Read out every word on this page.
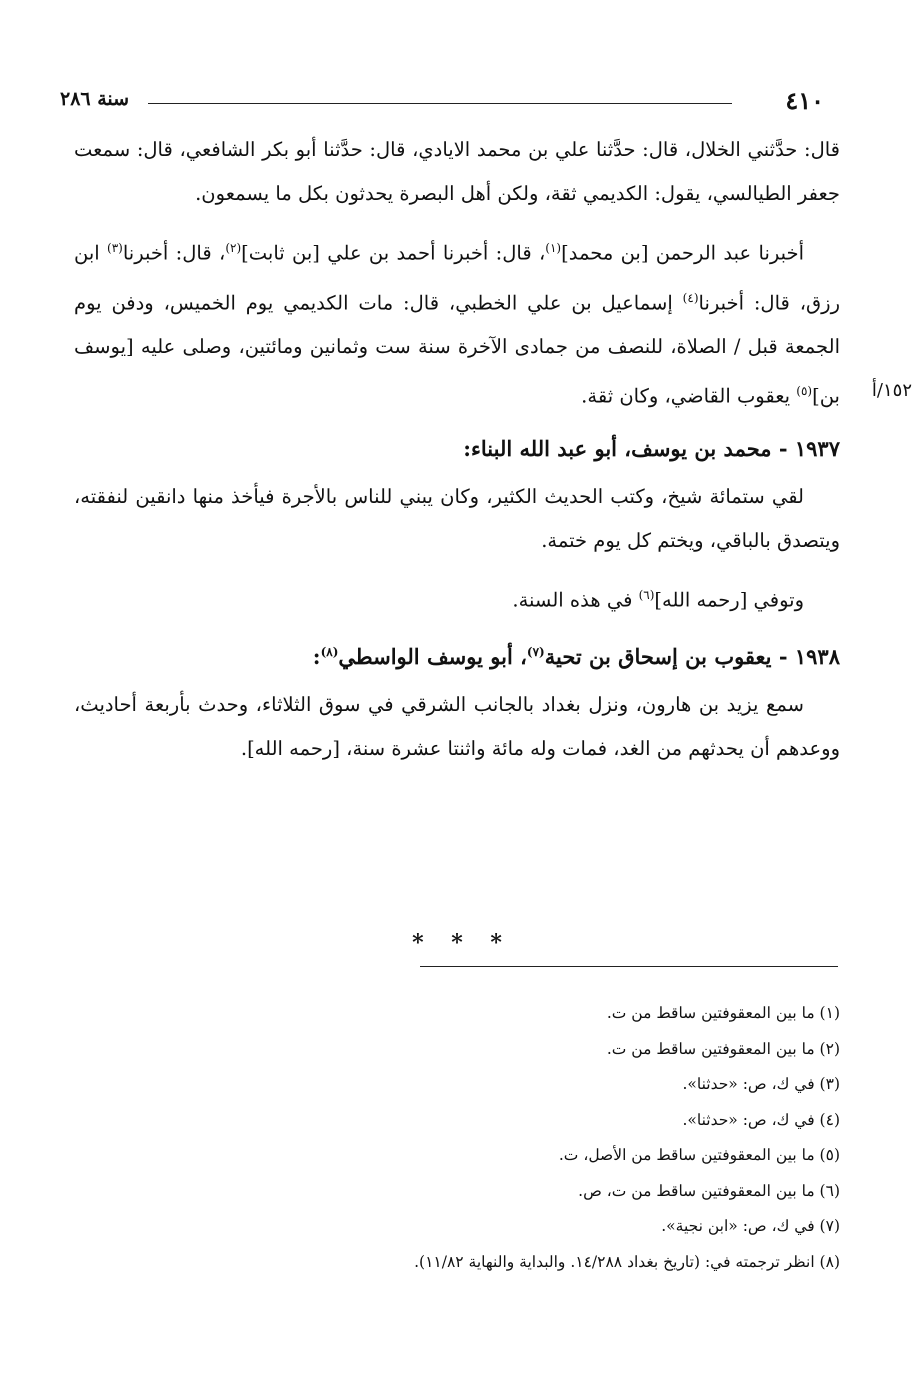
٤١٠
سنة ٢٨٦
١٥٢/أ

قال: حدَّثني الخلال، قال: حدَّثنا علي بن محمد الايادي، قال: حدَّثنا أبو بكر الشافعي، قال: سمعت جعفر الطيالسي، يقول: الكديمي ثقة، ولكن أهل البصرة يحدثون بكل ما يسمعون.

أخبرنا عبد الرحمن [بن محمد]$^{(١)}$، قال: أخبرنا أحمد بن علي [بن ثابت]$^{(٢)}$، قال: أخبرنا$^{(٣)}$ ابن رزق، قال: أخبرنا$^{(٤)}$ إسماعيل بن علي الخطبي، قال: مات الكديمي يوم الخميس، ودفن يوم الجمعة قبل / الصلاة، للنصف من جمادى الآخرة سنة ست وثمانين ومائتين، وصلى عليه [يوسف بن]$^{(٥)}$ يعقوب القاضي، وكان ثقة.

١٩٣٧ - محمد بن يوسف، أبو عبد الله البناء:

لقي ستمائة شيخ، وكتب الحديث الكثير، وكان يبني للناس بالأجرة فيأخذ منها دانقين لنفقته، ويتصدق بالباقي، ويختم كل يوم ختمة.

وتوفي [رحمه الله]$^{(٦)}$ في هذه السنة.

١٩٣٨ - يعقوب بن إسحاق بن تحية$^{(٧)}$، أبو يوسف الواسطي$^{(٨)}$:

سمع يزيد بن هارون، ونزل بغداد بالجانب الشرقي في سوق الثلاثاء، وحدث بأربعة أحاديث، ووعدهم أن يحدثهم من الغد، فمات وله مائة واثنتا عشرة سنة، [رحمه الله].

* * *
(١) ما بين المعقوفتين ساقط من ت.
(٢) ما بين المعقوفتين ساقط من ت.
(٣) في ك، ص: «حدثنا».
(٤) في ك، ص: «حدثنا».
(٥) ما بين المعقوفتين ساقط من الأصل، ت.
(٦) ما بين المعقوفتين ساقط من ت، ص.
(٧) في ك، ص: «ابن نجية».
(٨) انظر ترجمته في: (تاريخ بغداد ١٤/٢٨٨. والبداية والنهاية ١١/٨٢).
